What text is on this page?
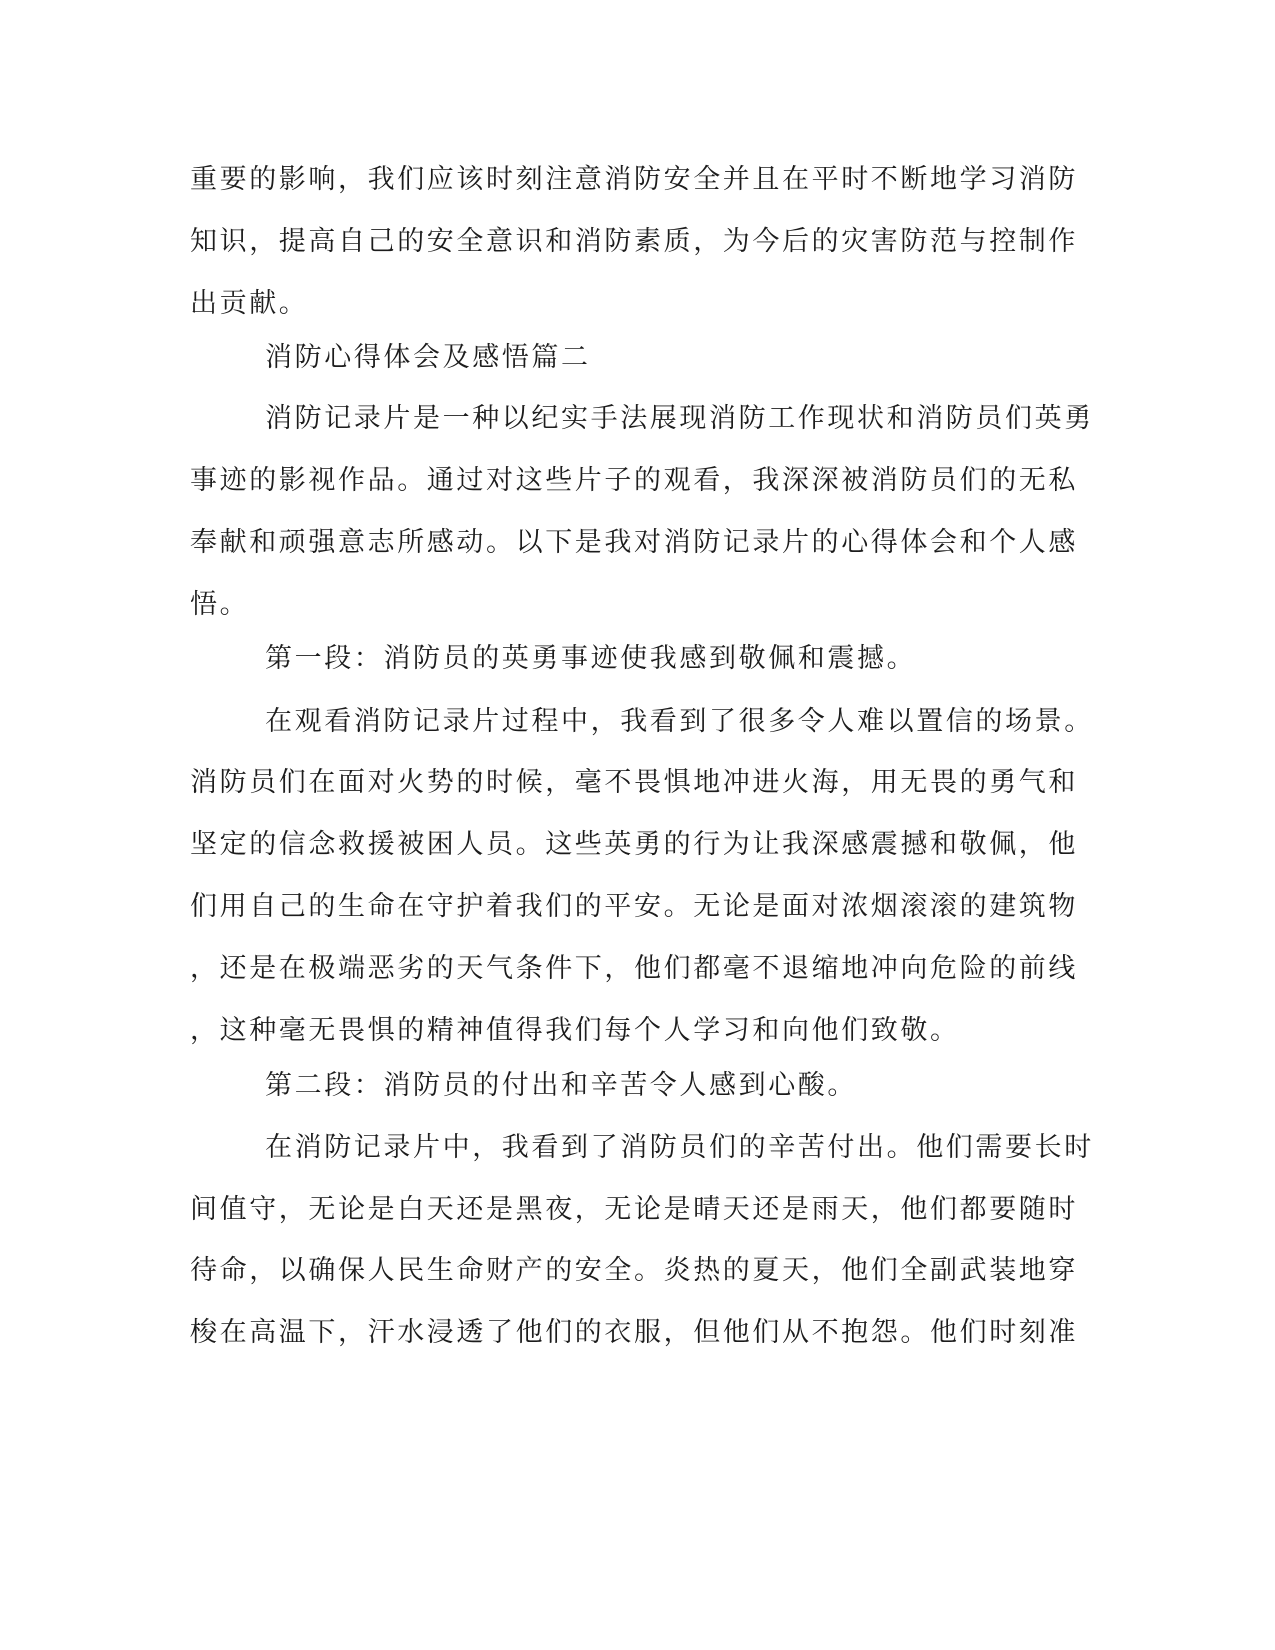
重要的影响，我们应该时刻注意消防安全并且在平时不断地学习消防

知识，提高自己的安全意识和消防素质，为今后的灾害防范与控制作

出贡献。

消防心得体会及感悟篇二

消防记录片是一种以纪实手法展现消防工作现状和消防员们英勇

事迹的影视作品。通过对这些片子的观看，我深深被消防员们的无私

奉献和顽强意志所感动。以下是我对消防记录片的心得体会和个人感

悟。

第一段：消防员的英勇事迹使我感到敬佩和震撼。

在观看消防记录片过程中，我看到了很多令人难以置信的场景。

消防员们在面对火势的时候，毫不畏惧地冲进火海，用无畏的勇气和

坚定的信念救援被困人员。这些英勇的行为让我深感震撼和敬佩，他

们用自己的生命在守护着我们的平安。无论是面对浓烟滚滚的建筑物

，还是在极端恶劣的天气条件下，他们都毫不退缩地冲向危险的前线

，这种毫无畏惧的精神值得我们每个人学习和向他们致敬。

第二段：消防员的付出和辛苦令人感到心酸。

在消防记录片中，我看到了消防员们的辛苦付出。他们需要长时

间值守，无论是白天还是黑夜，无论是晴天还是雨天，他们都要随时

待命，以确保人民生命财产的安全。炎热的夏天，他们全副武装地穿

梭在高温下，汗水浸透了他们的衣服，但他们从不抱怨。他们时刻准
